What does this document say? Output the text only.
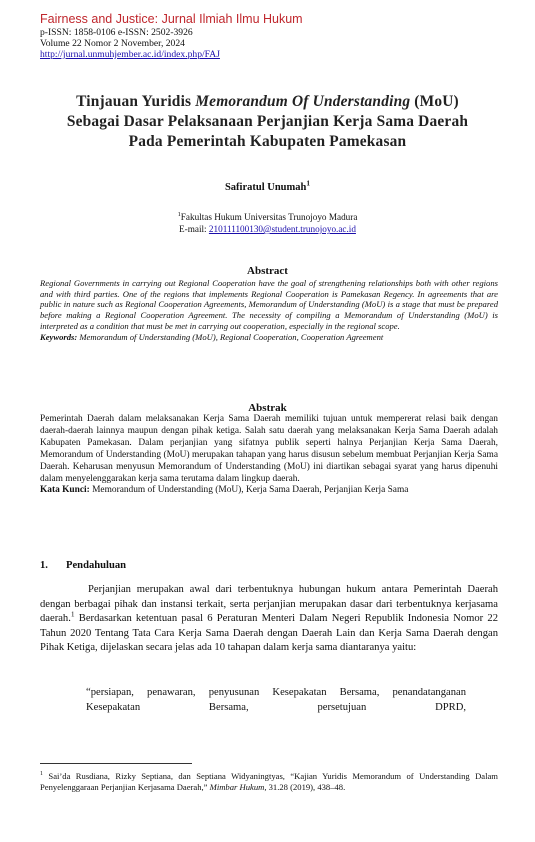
Fairness and Justice: Jurnal Ilmiah Ilmu Hukum
p-ISSN: 1858-0106 e-ISSN: 2502-3926
Volume 22 Nomor 2 November, 2024
http://jurnal.unmuhjember.ac.id/index.php/FAJ
Tinjauan Yuridis Memorandum Of Understanding (MoU)
Sebagai Dasar Pelaksanaan Perjanjian Kerja Sama Daerah
Pada Pemerintah Kabupaten Pamekasan
Safiratul Unumah$^1$
$^1$Fakultas Hukum Universitas Trunojoyo Madura
E-mail: 210111100130@student.trunojoyo.ac.id
Abstract
Regional Governments in carrying out Regional Cooperation have the goal of strengthening relationships both with other regions and with third parties. One of the regions that implements Regional Cooperation is Pamekasan Regency. In agreements that are public in nature such as Regional Cooperation Agreements, Memorandum of Understanding (MoU) is a stage that must be prepared before making a Regional Cooperation Agreement. The necessity of compiling a Memorandum of Understanding (MoU) is interpreted as a condition that must be met in carrying out cooperation, especially in the regional scope.
Keywords: Memorandum of Understanding (MoU), Regional Cooperation, Cooperation Agreement
Abstrak
Pemerintah Daerah dalam melaksanakan Kerja Sama Daerah memiliki tujuan untuk mempererat relasi baik dengan daerah-daerah lainnya maupun dengan pihak ketiga. Salah satu daerah yang melaksanakan Kerja Sama Daerah adalah Kabupaten Pamekasan. Dalam perjanjian yang sifatnya publik seperti halnya Perjanjian Kerja Sama Daerah, Memorandum of Understanding (MoU) merupakan tahapan yang harus disusun sebelum membuat Perjanjian Kerja Sama Daerah. Keharusan menyusun Memorandum of Understanding (MoU) ini diartikan sebagai syarat yang harus dipenuhi dalam menyelenggarakan kerja sama terutama dalam lingkup daerah.
Kata Kunci: Memorandum of Understanding (MoU), Kerja Sama Daerah, Perjanjian Kerja Sama
1. Pendahuluan

Perjanjian merupakan awal dari terbentuknya hubungan hukum antara Pemerintah Daerah dengan berbagai pihak dan instansi terkait, serta perjanjian merupakan dasar dari terbentuknya kerjasama daerah.$^1$ Berdasarkan ketentuan pasal 6 Peraturan Menteri Dalam Negeri Republik Indonesia Nomor 22 Tahun 2020 Tentang Tata Cara Kerja Sama Daerah dengan Daerah Lain dan Kerja Sama Daerah dengan Pihak Ketiga, dijelaskan secara jelas ada 10 tahapan dalam kerja sama diantaranya yaitu:

“persiapan, penawaran, penyusunan Kesepakatan Bersama, penandatanganan Kesepakatan Bersama, persetujuan DPRD,
$^1$ Sai’da Rusdiana, Rizky Septiana, dan Septiana Widyaningtyas, “Kajian Yuridis Memorandum of Understanding Dalam Penyelenggaraan Perjanjian Kerjasama Daerah,” Mimbar Hukum, 31.28 (2019), 438–48.
